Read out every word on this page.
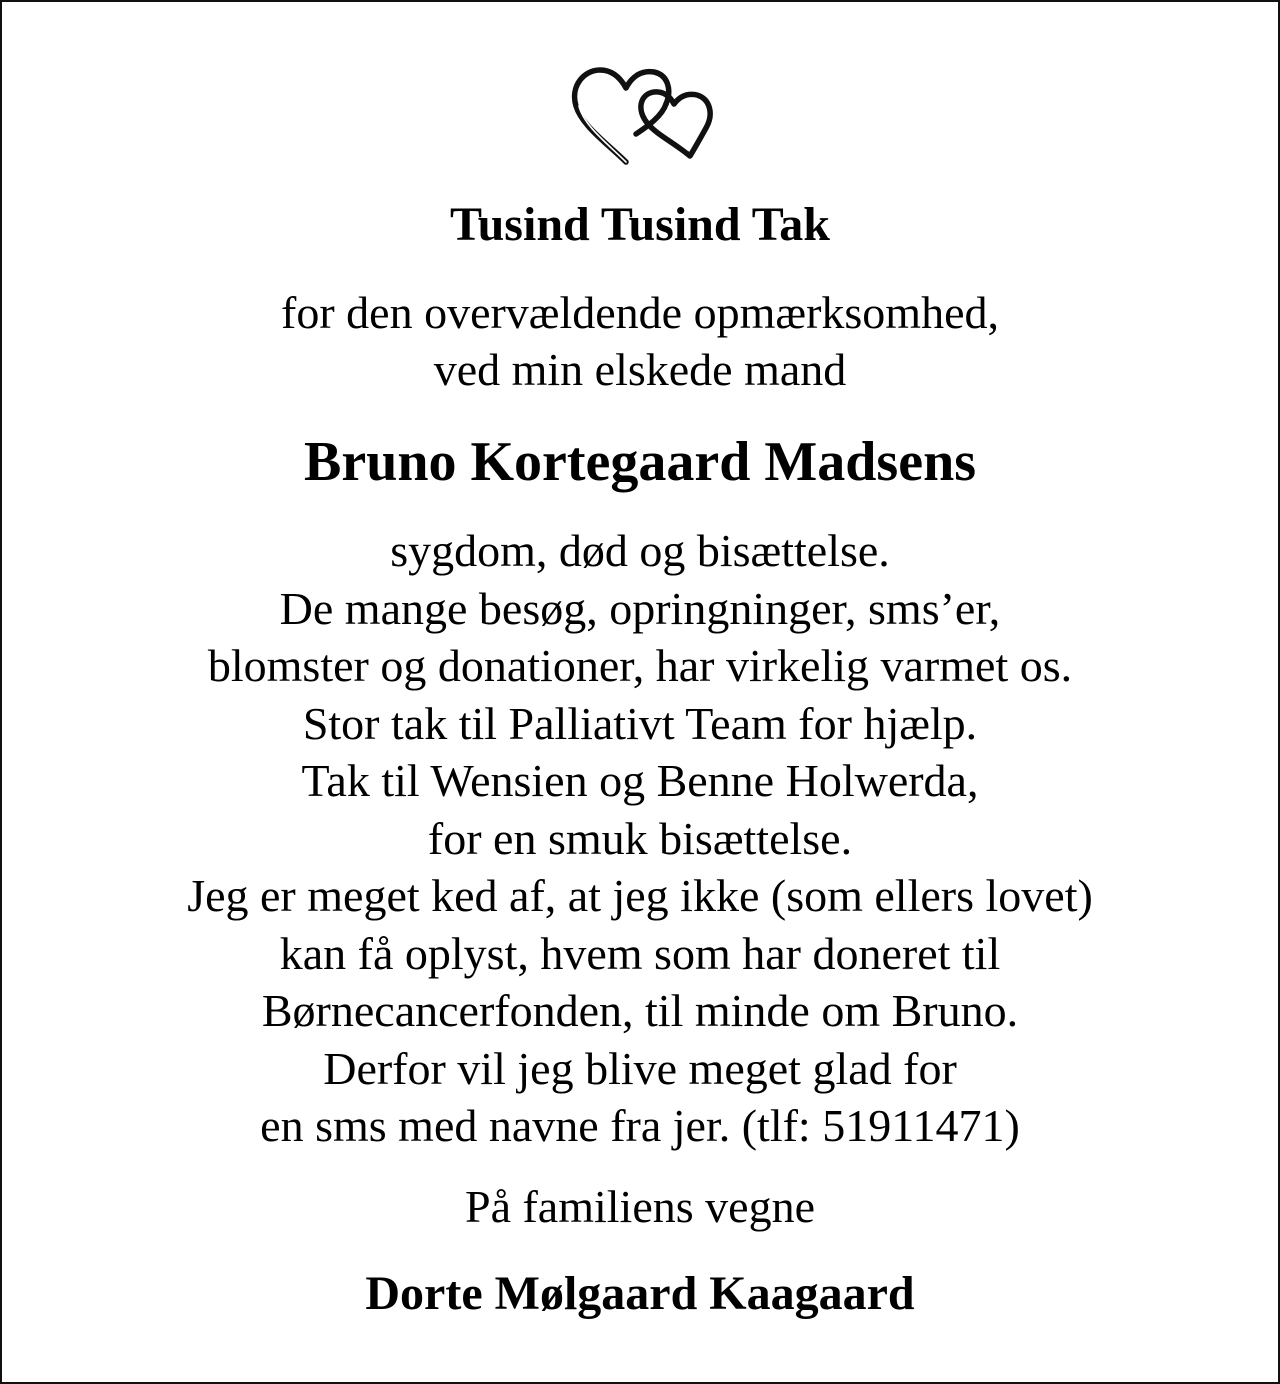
Tusind Tusind Tak
for den overvældende opmærksomhed,
ved min elskede mand
Bruno Kortegaard Madsens
sygdom, død og bisættelse.
De mange besøg, opringninger, sms’er,
blomster og donationer, har virkelig varmet os.
Stor tak til Palliativt Team for hjælp.
Tak til Wensien og Benne Holwerda,
for en smuk bisættelse.
Jeg er meget ked af, at jeg ikke (som ellers lovet)
kan få oplyst, hvem som har doneret til
Børnecancerfonden, til minde om Bruno.
Derfor vil jeg blive meget glad for
en sms med navne fra jer. (tlf: 51911471)
På familiens vegne
Dorte Mølgaard Kaagaard
